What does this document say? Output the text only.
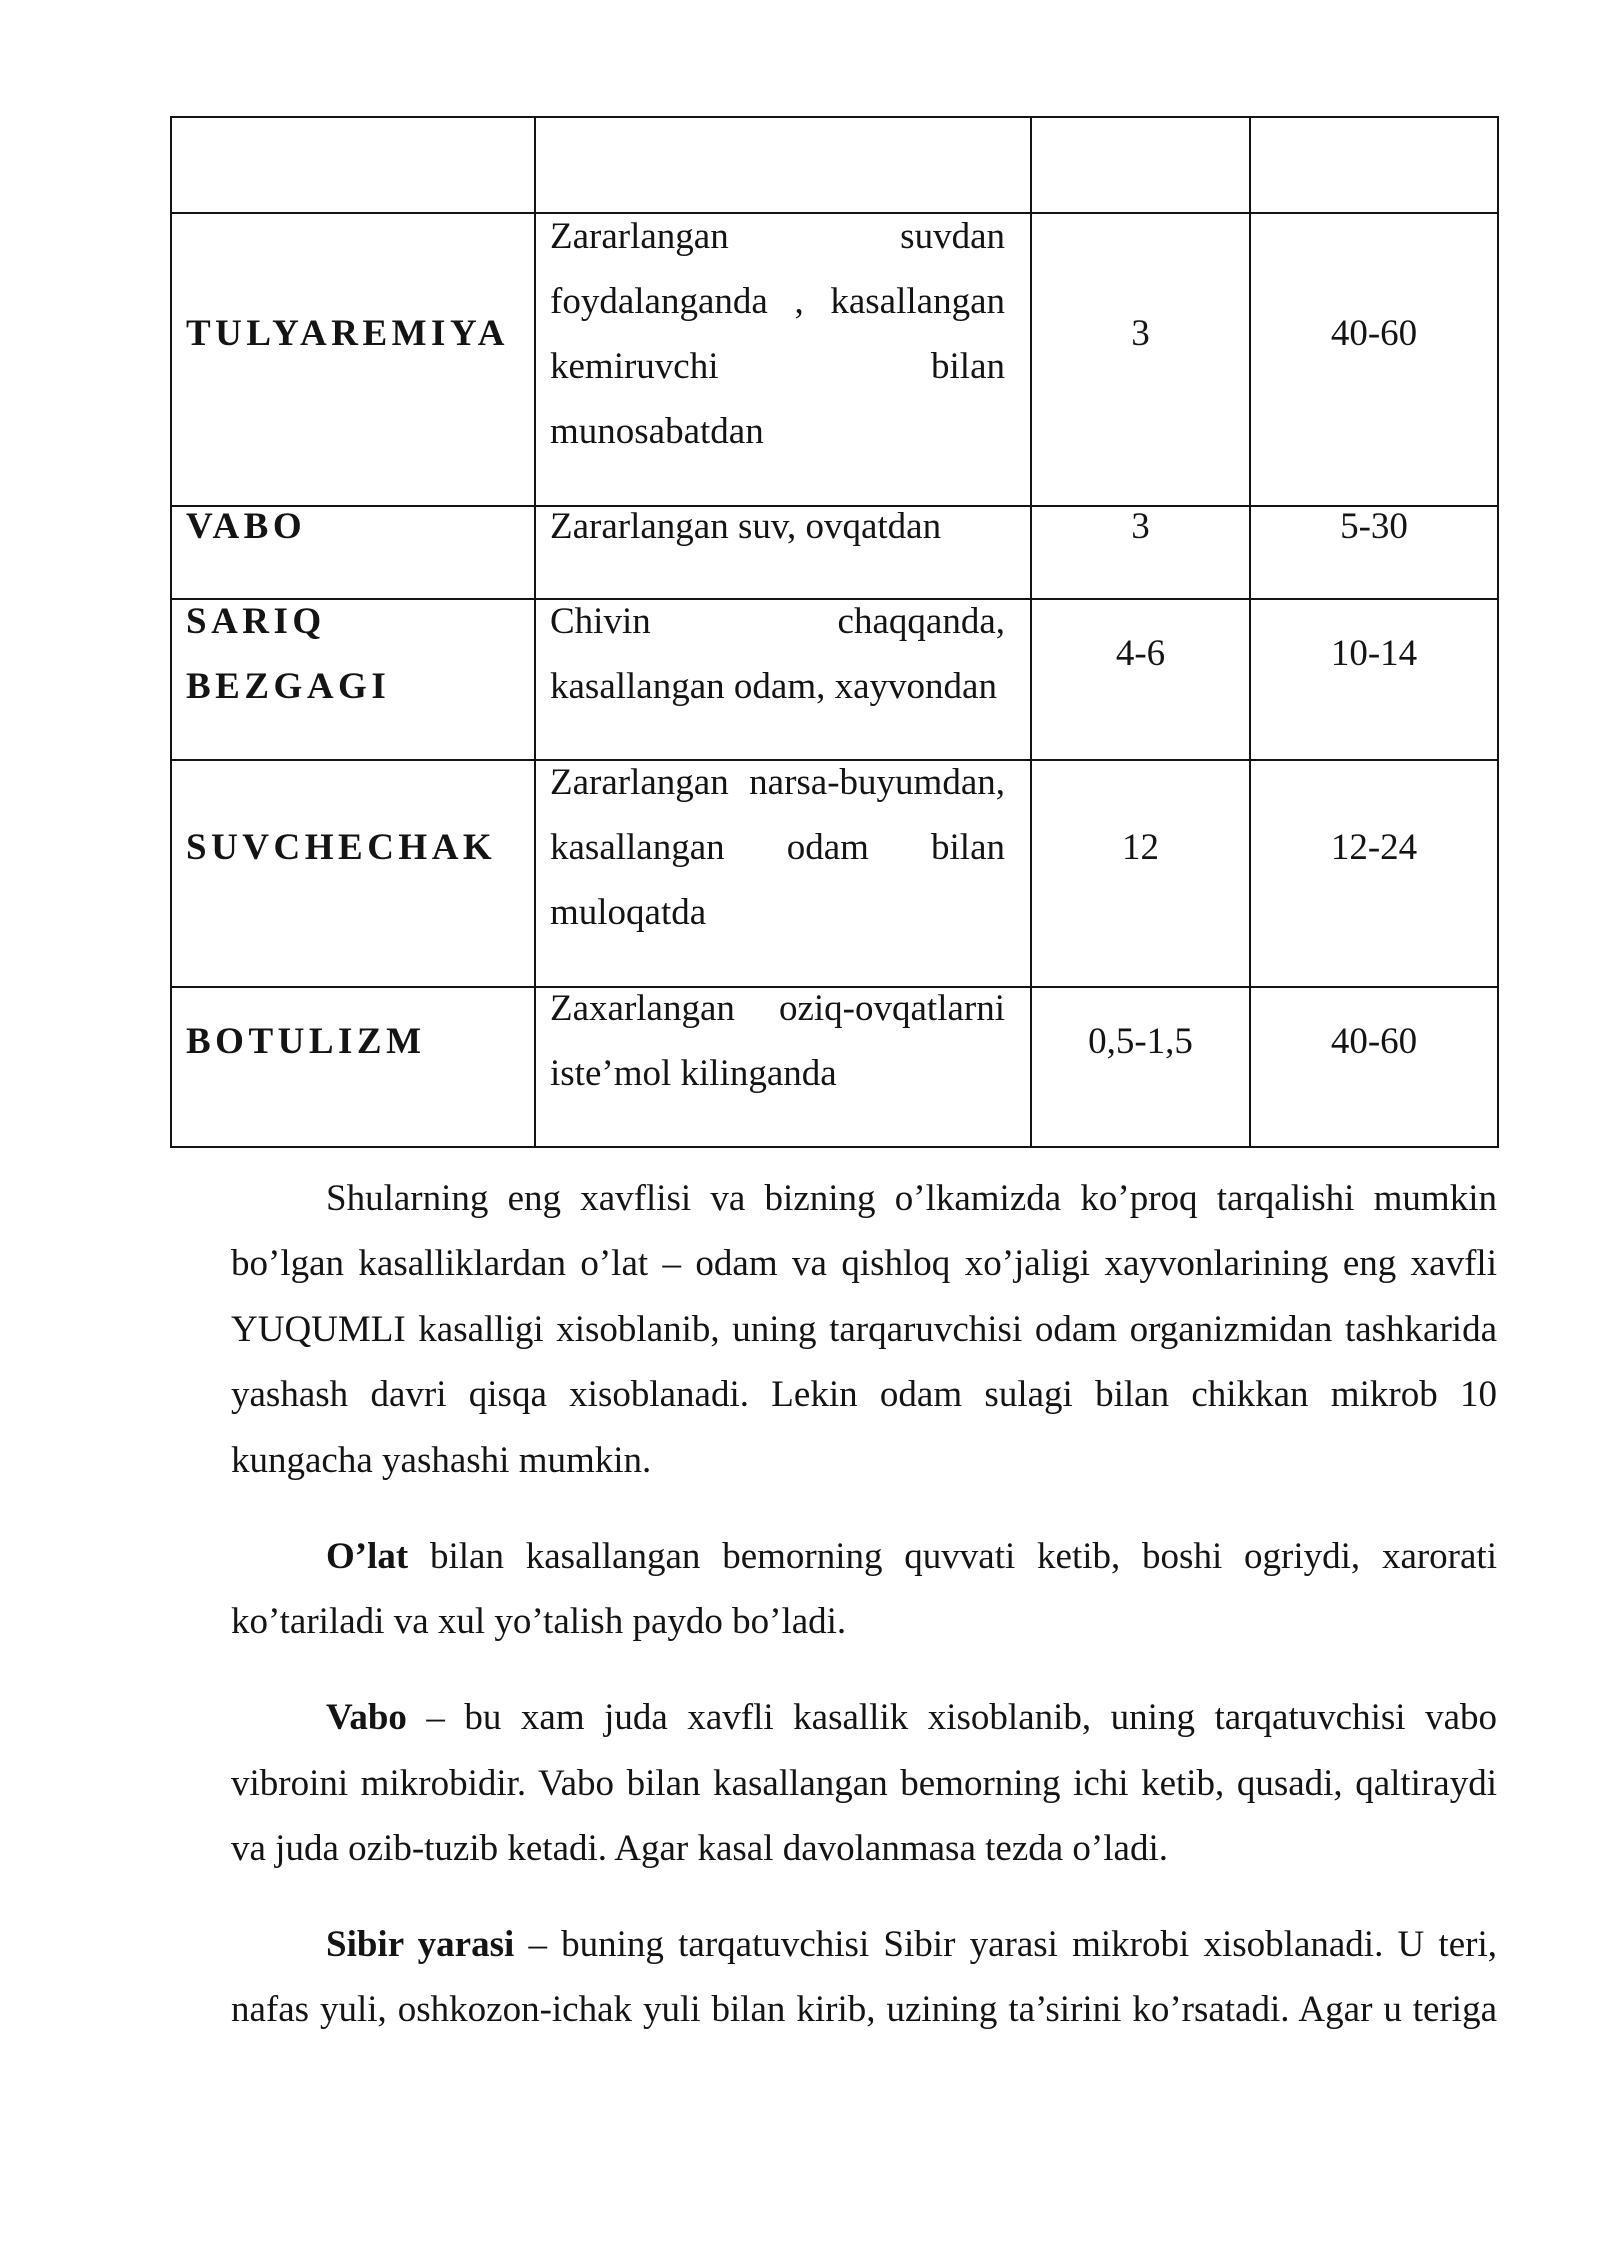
TULYAREMIYA	Zararlangan suvdan foydalanganda , kasallangan kemiruvchi bilan munosabatdan	3	40-60

VABO	Zararlangan suv, ovqatdan	3	5-30

SARIQ BEZGAGI	Chivin chaqqanda, kasallangan odam, xayvondan	4-6	10-14

SUVCHECHAK	Zararlangan narsa-buyumdan, kasallangan odam bilan muloqatda	12	12-24

BOTULIZM	Zaxarlangan oziq-ovqatlarni iste’mol kilinganda	0,5-1,5	40-60

Shularning eng xavflisi va bizning o’lkamizda ko’proq tarqalishi mumkin bo’lgan kasalliklardan o’lat – odam va qishloq xo’jaligi xayvonlarining eng xavfli YUQUMLI kasalligi xisoblanib, uning tarqaruvchisi odam organizmidan tashkarida yashash davri qisqa xisoblanadi. Lekin odam sulagi bilan chikkan mikrob 10 kungacha yashashi mumkin.

O’lat bilan kasallangan bemorning quvvati ketib, boshi ogriydi, xarorati ko’tariladi va xul yo’talish paydo bo’ladi.

Vabo – bu xam juda xavfli kasallik xisoblanib, uning tarqatuvchisi vabo vibroini mikrobidir. Vabo bilan kasallangan bemorning ichi ketib, qusadi, qaltiraydi va juda ozib-tuzib ketadi. Agar kasal davolanmasa tezda o’ladi.

Sibir yarasi – buning tarqatuvchisi Sibir yarasi mikrobi xisoblanadi. U teri, nafas yuli, oshkozon-ichak yuli bilan kirib, uzining ta’sirini ko’rsatadi. Agar u teriga
